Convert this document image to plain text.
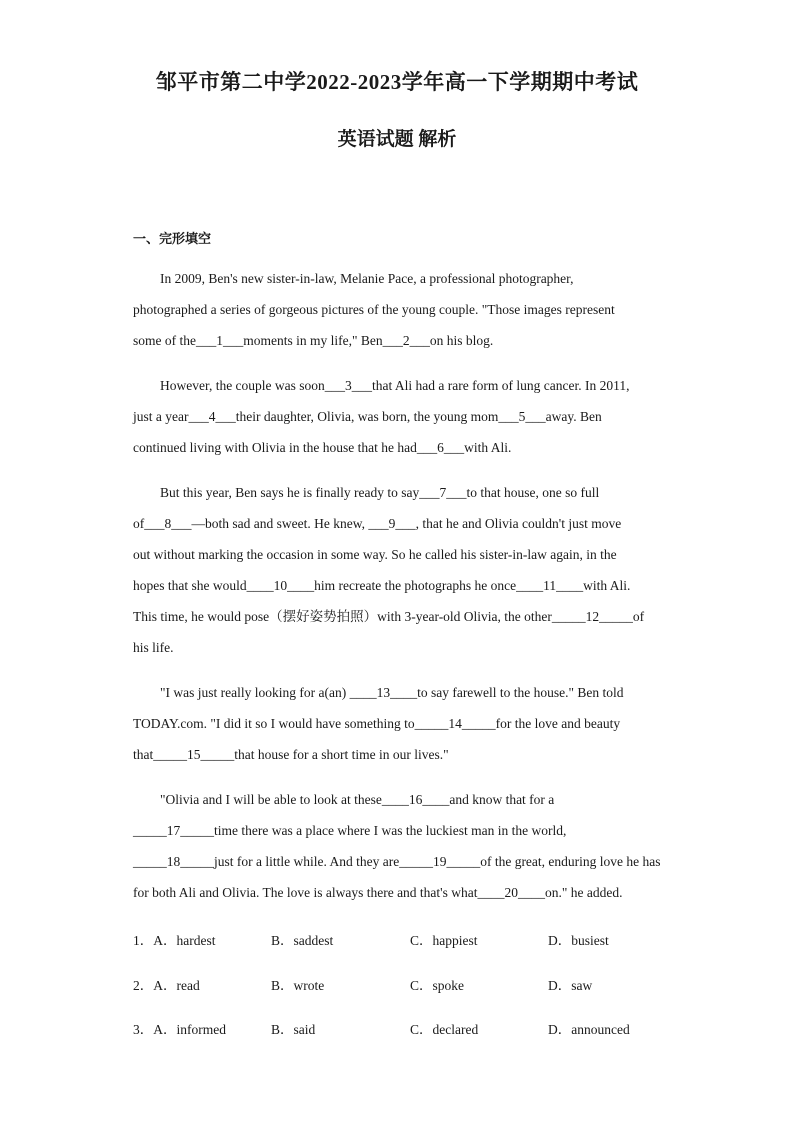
邹平市第二中学2022-2023学年高一下学期期中考试
英语试题 解析
一、完形填空
In 2009, Ben's new sister-in-law, Melanie Pace, a professional photographer,
photographed a series of gorgeous pictures of the young couple. "Those images represent
some of the___1___moments in my life," Ben___2___on his blog.
However, the couple was soon___3___that Ali had a rare form of lung cancer. In 2011,
just a year___4___their daughter, Olivia, was born, the young mom___5___away. Ben
continued living with Olivia in the house that he had___6___with Ali.
But this year, Ben says he is finally ready to say___7___to that house, one so full
of___8___—both sad and sweet. He knew, ___9___, that he and Olivia couldn't just move
out without marking the occasion in some way. So he called his sister-in-law again, in the
hopes that she would____10____him recreate the photographs he once____11____with Ali.
This time, he would pose（摆好姿势拍照）with 3-year-old Olivia, the other_____12_____of
his life.
"I was just really looking for a(an) ____13____to say farewell to the house." Ben told
TODAY.com. "I did it so I would have something to_____14_____for the love and beauty
that_____15_____that house for a short time in our lives."
"Olivia and I will be able to look at these____16____and know that for a
_____17_____time there was a place where I was the luckiest man in the world,
_____18_____just for a little while. And they are_____19_____of the great, enduring love he has
for both Ali and Olivia. The love is always there and that's what____20____on." he added.
1．A．hardest	B．saddest	C．happiest	D．busiest
2．A．read	B．wrote	C．spoke	D．saw
3．A．informed	B．said	C．declared	D．announced
